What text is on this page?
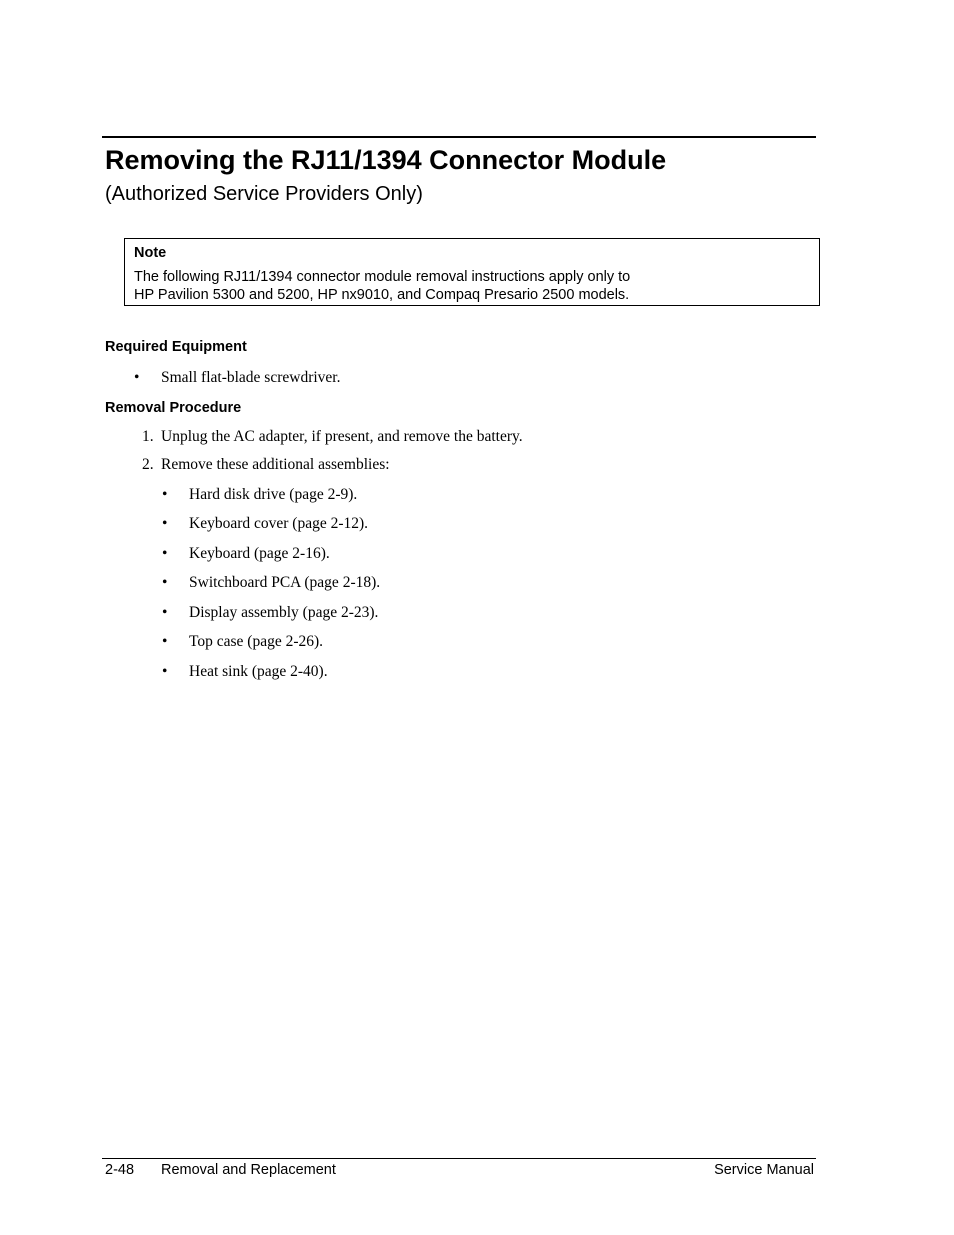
Removing the RJ11/1394 Connector Module
(Authorized Service Providers Only)
Note
The following RJ11/1394 connector module removal instructions apply only to
HP Pavilion 5300 and 5200, HP nx9010, and Compaq Presario 2500 models.
Required Equipment
• Small flat-blade screwdriver.
Removal Procedure
1. Unplug the AC adapter, if present, and remove the battery.
2. Remove these additional assemblies:
• Hard disk drive (page 2-9).
• Keyboard cover (page 2-12).
• Keyboard (page 2-16).
• Switchboard PCA (page 2-18).
• Display assembly (page 2-23).
• Top case (page 2-26).
• Heat sink (page 2-40).
2-48 Removal and Replacement	Service Manual
